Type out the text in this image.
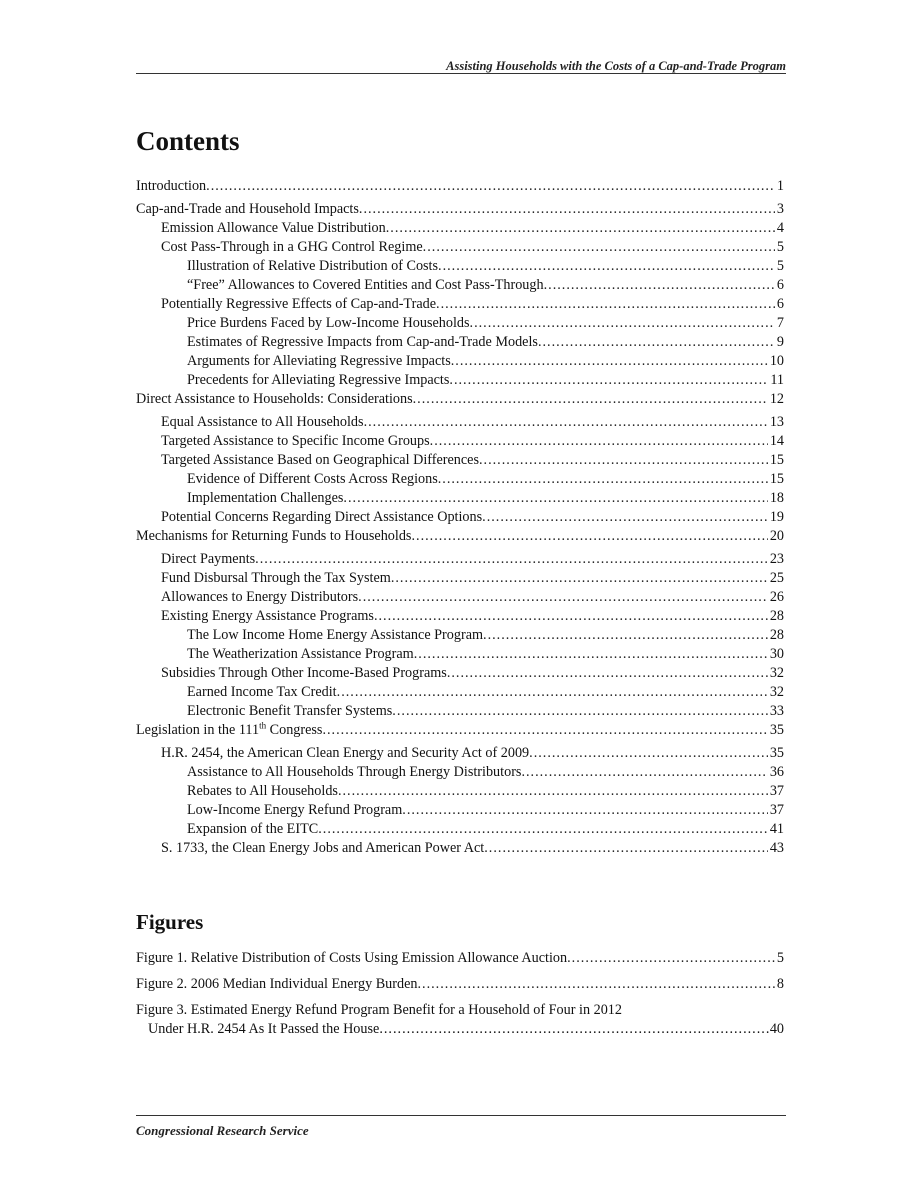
Assisting Households with the Costs of a Cap-and-Trade Program
Contents
Introduction .....	1
Cap-and-Trade and Household Impacts .....	3
Emission Allowance Value Distribution .....	4
Cost Pass-Through in a GHG Control Regime .....	5
Illustration of Relative Distribution of Costs .....	5
“Free” Allowances to Covered Entities and Cost Pass-Through .....	6
Potentially Regressive Effects of Cap-and-Trade .....	6
Price Burdens Faced by Low-Income Households .....	7
Estimates of Regressive Impacts from Cap-and-Trade Models .....	9
Arguments for Alleviating Regressive Impacts .....	10
Precedents for Alleviating Regressive Impacts .....	11
Direct Assistance to Households: Considerations .....	12
Equal Assistance to All Households .....	13
Targeted Assistance to Specific Income Groups .....	14
Targeted Assistance Based on Geographical Differences .....	15
Evidence of Different Costs Across Regions .....	15
Implementation Challenges .....	18
Potential Concerns Regarding Direct Assistance Options .....	19
Mechanisms for Returning Funds to Households .....	20
Direct Payments .....	23
Fund Disbursal Through the Tax System .....	25
Allowances to Energy Distributors .....	26
Existing Energy Assistance Programs .....	28
The Low Income Home Energy Assistance Program .....	28
The Weatherization Assistance Program .....	30
Subsidies Through Other Income-Based Programs .....	32
Earned Income Tax Credit .....	32
Electronic Benefit Transfer Systems .....	33
Legislation in the 111th Congress .....	35
H.R. 2454, the American Clean Energy and Security Act of 2009 .....	35
Assistance to All Households Through Energy Distributors .....	36
Rebates to All Households .....	37
Low-Income Energy Refund Program .....	37
Expansion of the EITC .....	41
S. 1733, the Clean Energy Jobs and American Power Act .....	43
Figures
Figure 1. Relative Distribution of Costs Using Emission Allowance Auction .....	5
Figure 2. 2006 Median Individual Energy Burden .....	8
Figure 3. Estimated Energy Refund Program Benefit for a Household of Four in 2012
Under H.R. 2454 As It Passed the House .....	40
Congressional Research Service
